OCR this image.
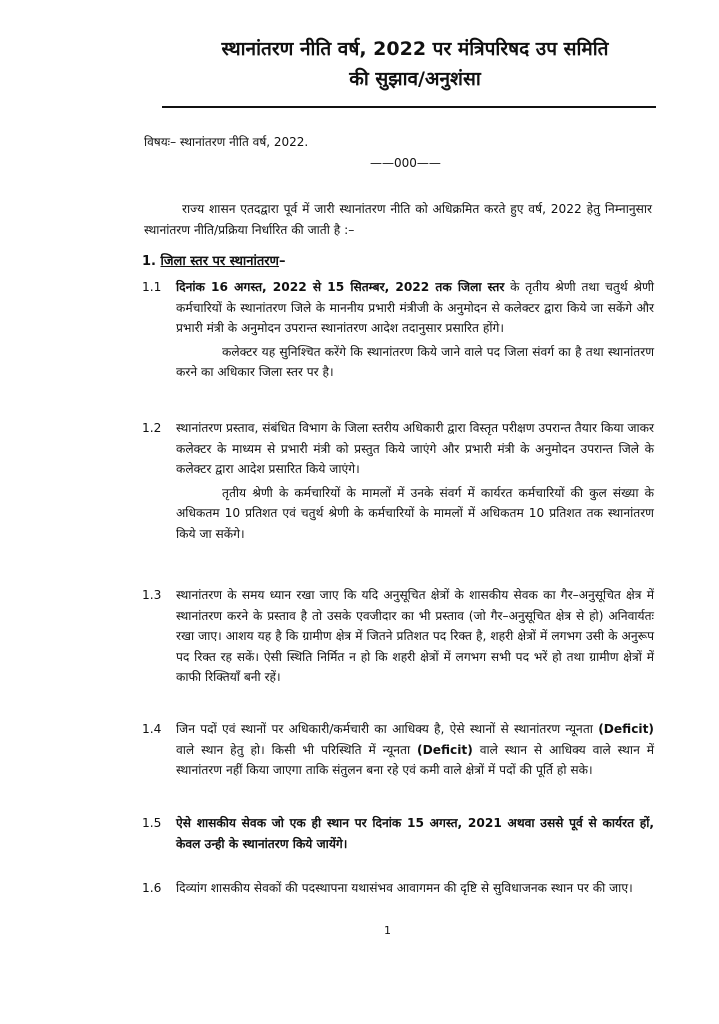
स्थानांतरण नीति वर्ष, 2022 पर मंत्रिपरिषद उप समिति
की सुझाव/अनुशंसा
विषयः– स्थानांतरण नीति वर्ष, 2022.
——000——
राज्य शासन एतदद्वारा पूर्व में जारी स्थानांतरण नीति को अधिक्रमित करते हुए वर्ष, 2022 हेतु निम्नानुसार स्थानांतरण नीति/प्रक्रिया निर्धारित की जाती है :–
1. जिला स्तर पर स्थानांतरण–
1.1	दिनांक 16 अगस्त, 2022 से 15 सितम्बर, 2022 तक जिला स्तर के तृतीय श्रेणी तथा चतुर्थ श्रेणी कर्मचारियों के स्थानांतरण जिले के माननीय प्रभारी मंत्रीजी के अनुमोदन से कलेक्टर द्वारा किये जा सकेंगे और प्रभारी मंत्री के अनुमोदन उपरान्त स्थानांतरण आदेश तदानुसार प्रसारित होंगे।
कलेक्टर यह सुनिश्चित करेंगे कि स्थानांतरण किये जाने वाले पद जिला संवर्ग का है तथा स्थानांतरण करने का अधिकार जिला स्तर पर है।
1.2	स्थानांतरण प्रस्ताव, संबंधित विभाग के जिला स्तरीय अधिकारी द्वारा विस्तृत परीक्षण उपरान्त तैयार किया जाकर कलेक्टर के माध्यम से प्रभारी मंत्री को प्रस्तुत किये जाएंगे और प्रभारी मंत्री के अनुमोदन उपरान्त जिले के कलेक्टर द्वारा आदेश प्रसारित किये जाएंगे।
तृतीय श्रेणी के कर्मचारियों के मामलों में उनके संवर्ग में कार्यरत कर्मचारियों की कुल संख्या के अधिकतम 10 प्रतिशत एवं चतुर्थ श्रेणी के कर्मचारियों के मामलों में अधिकतम 10 प्रतिशत तक स्थानांतरण किये जा सकेंगे।
1.3	स्थानांतरण के समय ध्यान रखा जाए कि यदि अनुसूचित क्षेत्रों के शासकीय सेवक का गैर–अनुसूचित क्षेत्र में स्थानांतरण करने के प्रस्ताव है तो उसके एवजीदार का भी प्रस्ताव (जो गैर–अनुसूचित क्षेत्र से हो) अनिवार्यतः रखा जाए। आशय यह है कि ग्रामीण क्षेत्र में जितने प्रतिशत पद रिक्त है, शहरी क्षेत्रों में लगभग उसी के अनुरूप पद रिक्त रह सकें। ऐसी स्थिति निर्मित न हो कि शहरी क्षेत्रों में लगभग सभी पद भरें हो तथा ग्रामीण क्षेत्रों में काफी रिक्तियाँ बनी रहें।
1.4	जिन पदों एवं स्थानों पर अधिकारी/कर्मचारी का आधिक्य है, ऐसे स्थानों से स्थानांतरण न्यूनता (Deficit) वाले स्थान हेतु हो। किसी भी परिस्थिति में न्यूनता (Deficit) वाले स्थान से आधिक्य वाले स्थान में स्थानांतरण नहीं किया जाएगा ताकि संतुलन बना रहे एवं कमी वाले क्षेत्रों में पदों की पूर्ति हो सके।
1.5	ऐसे शासकीय सेवक जो एक ही स्थान पर दिनांक 15 अगस्त, 2021 अथवा उससे पूर्व से कार्यरत हों, केवल उन्ही के स्थानांतरण किये जायेंगे।
1.6	दिव्यांग शासकीय सेवकों की पदस्थापना यथासंभव आवागमन की दृष्टि से सुविधाजनक स्थान पर की जाए।
1
